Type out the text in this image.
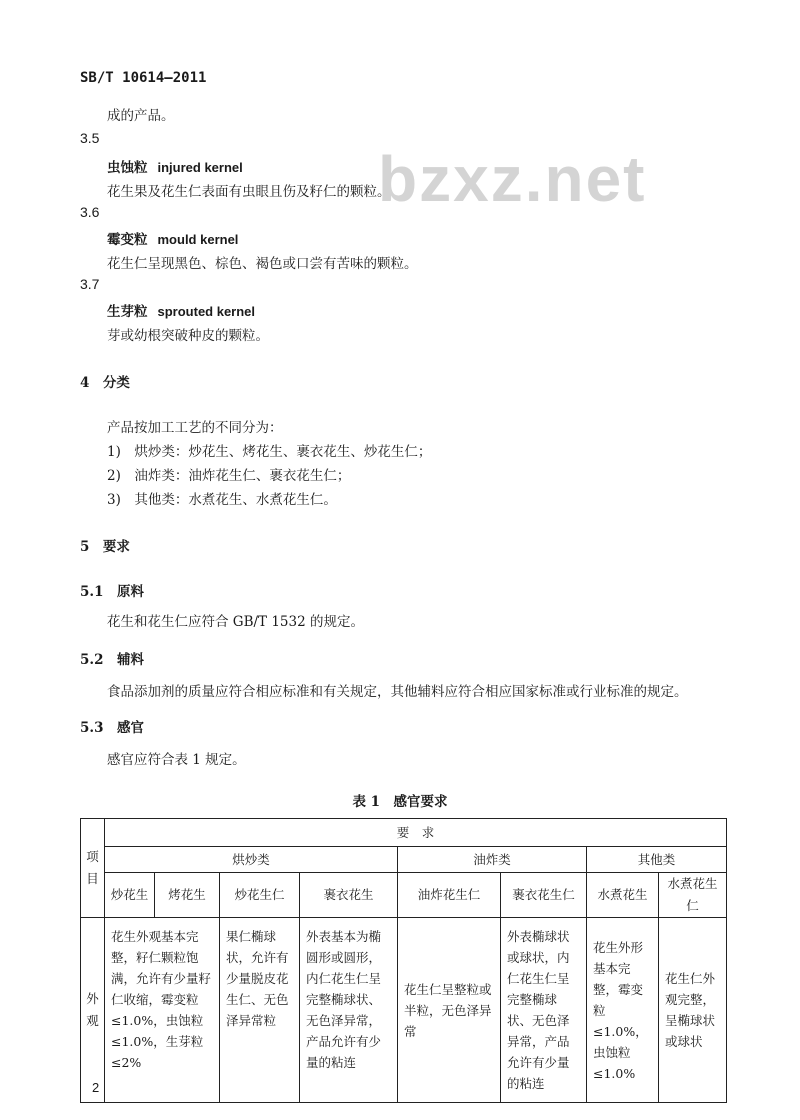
SB/T 10614—2011
bzxz.net
成的产品。
3.5
虫蚀粒 injured kernel
花生果及花生仁表面有虫眼且伤及籽仁的颗粒。
3.6
霉变粒 mould kernel
花生仁呈现黑色、棕色、褐色或口尝有苦味的颗粒。
3.7
生芽粒 sprouted kernel
芽或幼根突破种皮的颗粒。
4　分类
产品按加工工艺的不同分为：
1)　烘炒类：炒花生、烤花生、裹衣花生、炒花生仁；
2)　油炸类：油炸花生仁、裹衣花生仁；
3)　其他类：水煮花生、水煮花生仁。
5　要求
5.1　原料
花生和花生仁应符合 GB/T 1532 的规定。
5.2　辅料
食品添加剂的质量应符合相应标准和有关规定，其他辅料应符合相应国家标准或行业标准的规定。
5.3　感官
感官应符合表 1 规定。
表 1　感官要求
项目	要　求							
	烘炒类				油炸类		其他类	
	炒花生	烤花生	炒花生仁	裹衣花生	油炸花生仁	裹衣花生仁	水煮花生	水煮花生仁
外观	花生外观基本完整，籽仁颗粒饱满，允许有少量籽仁收缩，霉变粒≤1.0%，虫蚀粒≤1.0%，生芽粒≤2%		果仁椭球状，允许有少量脱皮花生仁、无色泽异常粒	外表基本为椭圆形或圆形，内仁花生仁呈完整椭球状、无色泽异常，产品允许有少量的粘连	花生仁呈整粒或半粒，无色泽异常	外表椭球状或球状，内仁花生仁呈完整椭球状、无色泽异常，产品允许有少量的粘连	花生外形基本完整，霉变粒≤1.0%，虫蚀粒≤1.0%	花生仁外观完整，呈椭球状或球状
2
